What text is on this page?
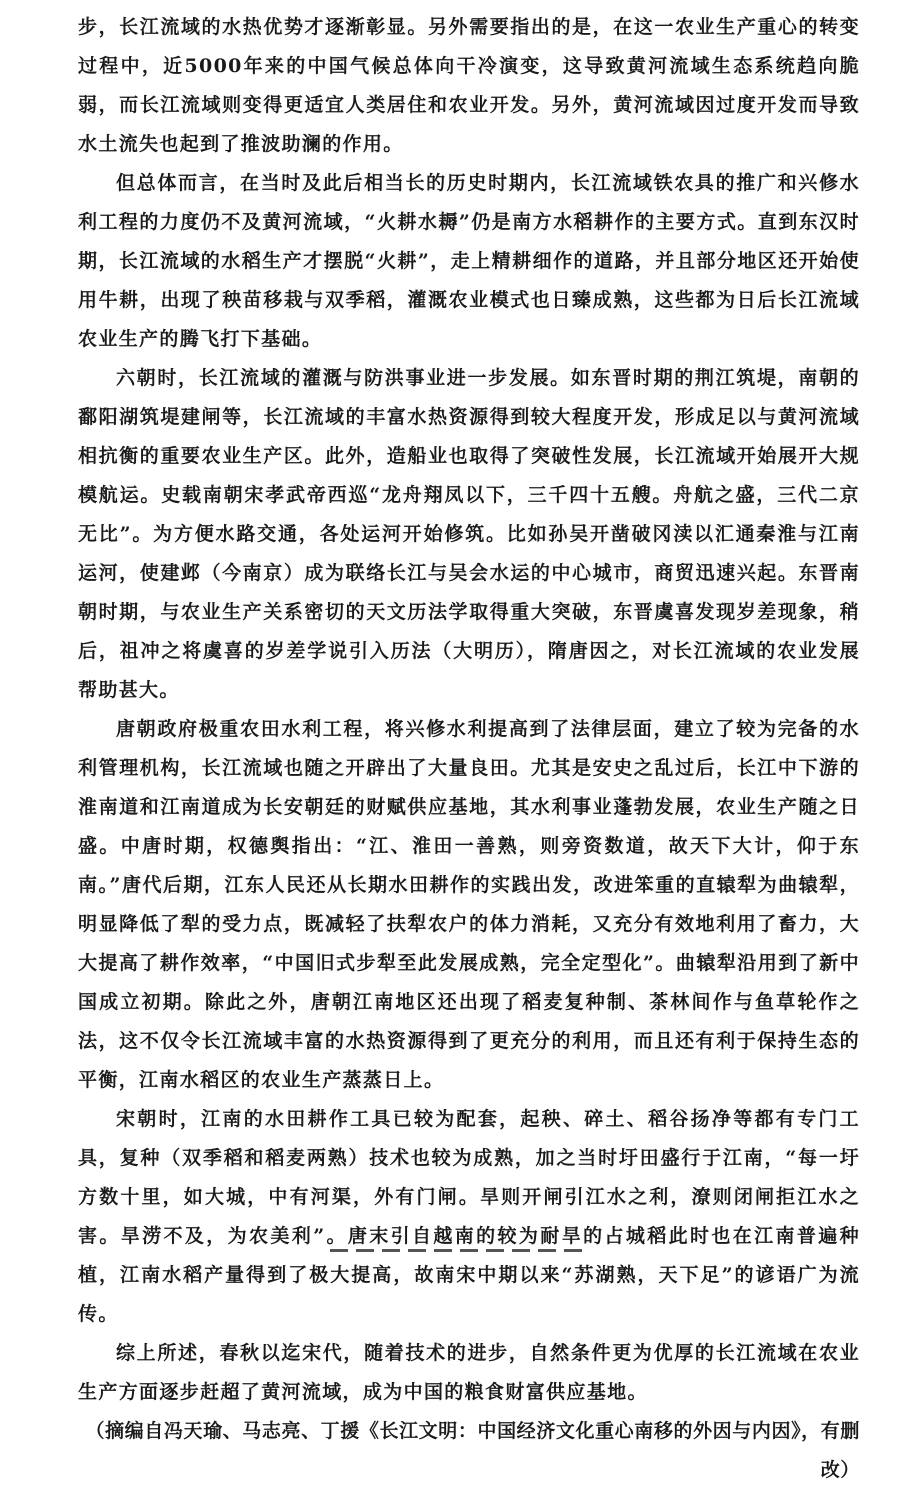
步，长江流域的水热优势才逐渐彰显。另外需要指出的是，在这一农业生产重心的转变过程中，近5000年来的中国气候总体向干冷演变，这导致黄河流域生态系统趋向脆弱，而长江流域则变得更适宜人类居住和农业开发。另外，黄河流域因过度开发而导致水土流失也起到了推波助澜的作用。

但总体而言，在当时及此后相当长的历史时期内，长江流域铁农具的推广和兴修水利工程的力度仍不及黄河流域，“火耕水耨”仍是南方水稻耕作的主要方式。直到东汉时期，长江流域的水稻生产才摆脱“火耕”，走上精耕细作的道路，并且部分地区还开始使用牛耕，出现了秧苗移栽与双季稻，灌溉农业模式也日臻成熟，这些都为日后长江流域农业生产的腾飞打下基础。

六朝时，长江流域的灌溉与防洪事业进一步发展。如东晋时期的荆江筑堤，南朝的鄱阳湖筑堤建闸等，长江流域的丰富水热资源得到较大程度开发，形成足以与黄河流域相抗衡的重要农业生产区。此外，造船业也取得了突破性发展，长江流域开始展开大规模航运。史载南朝宋孝武帝西巡“龙舟翔凤以下，三千四十五艘。舟航之盛，三代二京无比”。为方便水路交通，各处运河开始修筑。比如孙吴开凿破冈渎以汇通秦淮与江南运河，使建邺（今南京）成为联络长江与吴会水运的中心城市，商贸迅速兴起。东晋南朝时期，与农业生产关系密切的天文历法学取得重大突破，东晋虞喜发现岁差现象，稍后，祖冲之将虞喜的岁差学说引入历法（大明历），隋唐因之，对长江流域的农业发展帮助甚大。

唐朝政府极重农田水利工程，将兴修水利提高到了法律层面，建立了较为完备的水利管理机构，长江流域也随之开辟出了大量良田。尤其是安史之乱过后，长江中下游的淮南道和江南道成为长安朝廷的财赋供应基地，其水利事业蓬勃发展，农业生产随之日盛。中唐时期，权德舆指出：“江、淮田一善熟，则旁资数道，故天下大计，仰于东南。”唐代后期，江东人民还从长期水田耕作的实践出发，改进笨重的直辕犁为曲辕犁，明显降低了犁的受力点，既减轻了扶犁农户的体力消耗，又充分有效地利用了畜力，大大提高了耕作效率，“中国旧式步犁至此发展成熟，完全定型化”。曲辕犁沿用到了新中国成立初期。除此之外，唐朝江南地区还出现了稻麦复种制、茶林间作与鱼草轮作之法，这不仅令长江流域丰富的水热资源得到了更充分的利用，而且还有利于保持生态的平衡，江南水稻区的农业生产蒸蒸日上。

宋朝时，江南的水田耕作工具已较为配套，起秧、碎土、稻谷扬净等都有专门工具，复种（双季稻和稻麦两熟）技术也较为成熟，加之当时圩田盛行于江南，“每一圩方数十里，如大城，中有河渠，外有门闸。旱则开闸引江水之利，潦则闭闸拒江水之害。旱涝不及，为农美利”。唐末引自越南的较为耐旱的占城稻此时也在江南普遍种植，江南水稻产量得到了极大提高，故南宋中期以来“苏湖熟，天下足”的谚语广为流传。

综上所述，春秋以迄宋代，随着技术的进步，自然条件更为优厚的长江流域在农业生产方面逐步赶超了黄河流域，成为中国的粮食财富供应基地。

（摘编自冯天瑜、马志亮、丁援《长江文明：中国经济文化重心南移的外因与内因》，有删改）
